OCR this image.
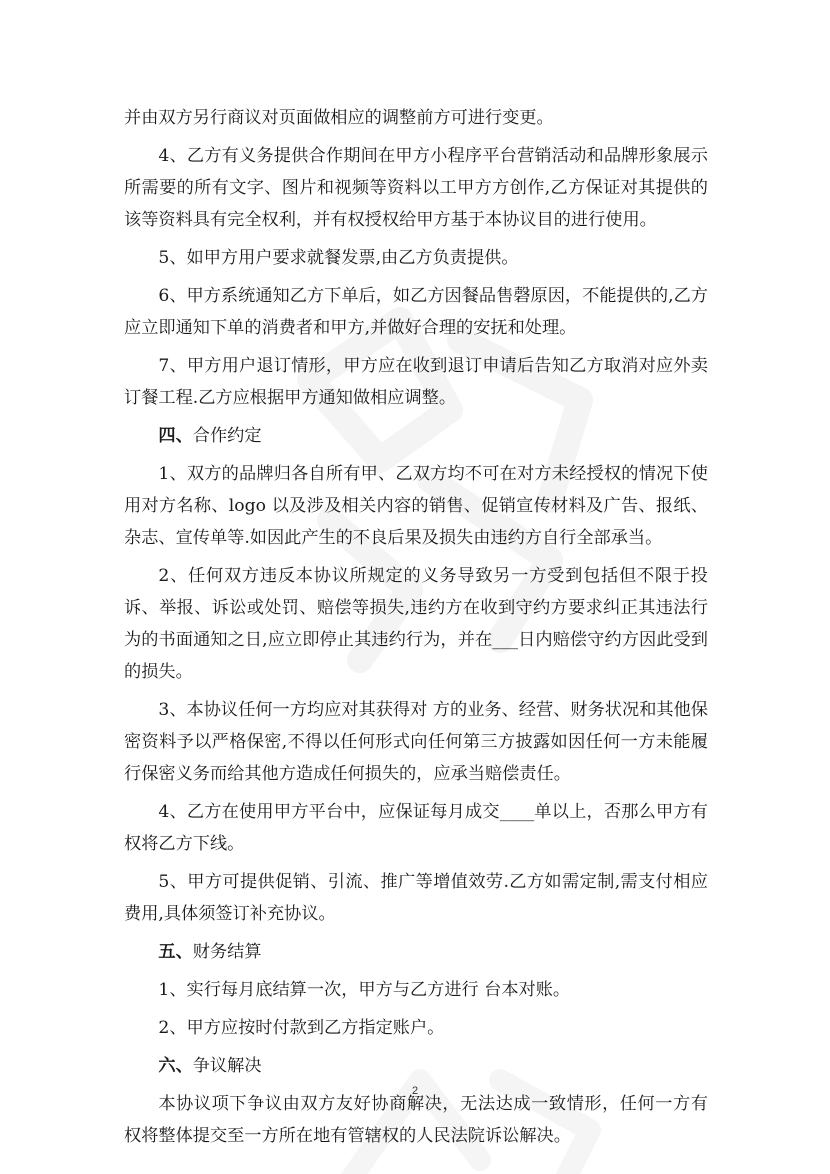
并由双方另行商议对页面做相应的调整前方可进行变更。

4、乙方有义务提供合作期间在甲方小程序平台营销活动和品牌形象展示所需要的所有文字、图片和视频等资料以工甲方方创作,乙方保证对其提供的该等资料具有完全权利，并有权授权给甲方基于本协议目的进行使用。

5、如甲方用户要求就餐发票,由乙方负责提供。

6、甲方系统通知乙方下单后，如乙方因餐品售磬原因，不能提供的,乙方应立即通知下单的消费者和甲方,并做好合理的安抚和处理。

7、甲方用户退订情形，甲方应在收到退订申请后告知乙方取消对应外卖订餐工程.乙方应根据甲方通知做相应调整。

四、合作约定

1、双方的品牌归各自所有甲、乙双方均不可在对方未经授权的情况下使用对方名称、logo 以及涉及相关内容的销售、促销宣传材料及广告、报纸、杂志、宣传单等.如因此产生的不良后果及损失由违约方自行全部承当。

2、任何双方违反本协议所规定的义务导致另一方受到包括但不限于投诉、举报、诉讼或处罚、赔偿等损失,违约方在收到守约方要求纠正其违法行为的书面通知之日,应立即停止其违约行为，并在___日内赔偿守约方因此受到的损失。

3、本协议任何一方均应对其获得对 方的业务、经营、财务状况和其他保密资料予以严格保密,不得以任何形式向任何第三方披露如因任何一方未能履行保密义务而给其他方造成任何损失的，应承当赔偿责任。

4、乙方在使用甲方平台中，应保证每月成交____单以上，否那么甲方有权将乙方下线。

5、甲方可提供促销、引流、推广等增值效劳.乙方如需定制,需支付相应费用,具体须签订补充协议。

五、财务结算

1、实行每月底结算一次，甲方与乙方进行 台本对账。

2、甲方应按时付款到乙方指定账户。

六、争议解决

本协议项下争议由双方友好协商解决，无法达成一致情形，任何一方有权将整体提交至一方所在地有管辖权的人民法院诉讼解决。

2
